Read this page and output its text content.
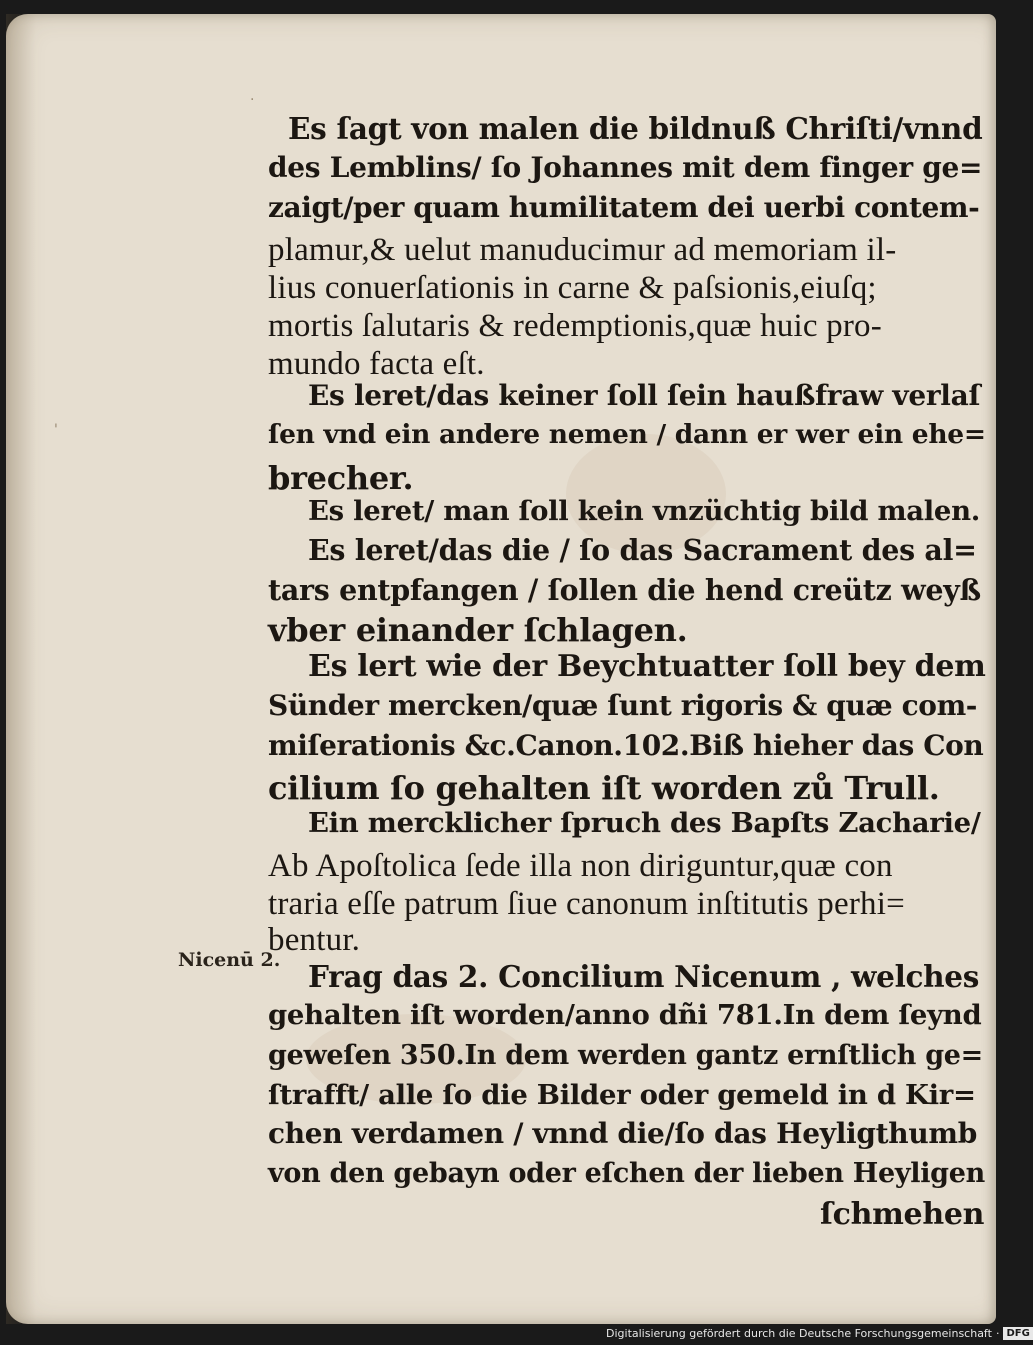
·
'
Nicenū 2.
Es ſagt von malen die bildnuß Chriſti/vnnd
des Lemblins/ ſo Johannes mit dem finger ge=
zaigt/per quam humilitatem dei uerbi contem-
plamur,& uelut manuducimur ad memoriam il-
lius conuerſationis in carne & paſsionis,eiuſq;
mortis ſalutaris & redemptionis,quæ huic pro-
mundo facta eſt.
Es leret/das keiner ſoll ſein haußfraw verlaſ
ſen vnd ein andere nemen / dann er wer ein ehe=
brecher.
Es leret/ man ſoll kein vnzüchtig bild malen.
Es leret/das die / ſo das Sacrament des al=
tars entpfangen / ſollen die hend creütz weyß
vber einander ſchlagen.
Es lert wie der Beychtuatter ſoll bey dem
Sünder mercken/quæ ſunt rigoris & quæ com-
miſerationis &c.Canon.102.Biß hieher das Con
cilium ſo gehalten iſt worden zů Trull.
Ein mercklicher ſpruch des Bapſts Zacharie/
Ab Apoſtolica ſede illa non diriguntur,quæ con
traria eſſe patrum ſiue canonum inſtitutis perhi=
bentur.
Frag das 2. Concilium Nicenum , welches
gehalten iſt worden/anno dñi 781.In dem ſeynd
geweſen 350.In dem werden gantz ernſtlich ge=
ſtrafft/ alle ſo die Bilder oder gemeld in d Kir=
chen verdamen / vnnd die/ſo das Heyligthumb
von den gebayn oder eſchen der lieben Heyligen
ſchmehen
Digitalisierung gefördert durch die Deutsche Forschungsgemeinschaft · DFG
